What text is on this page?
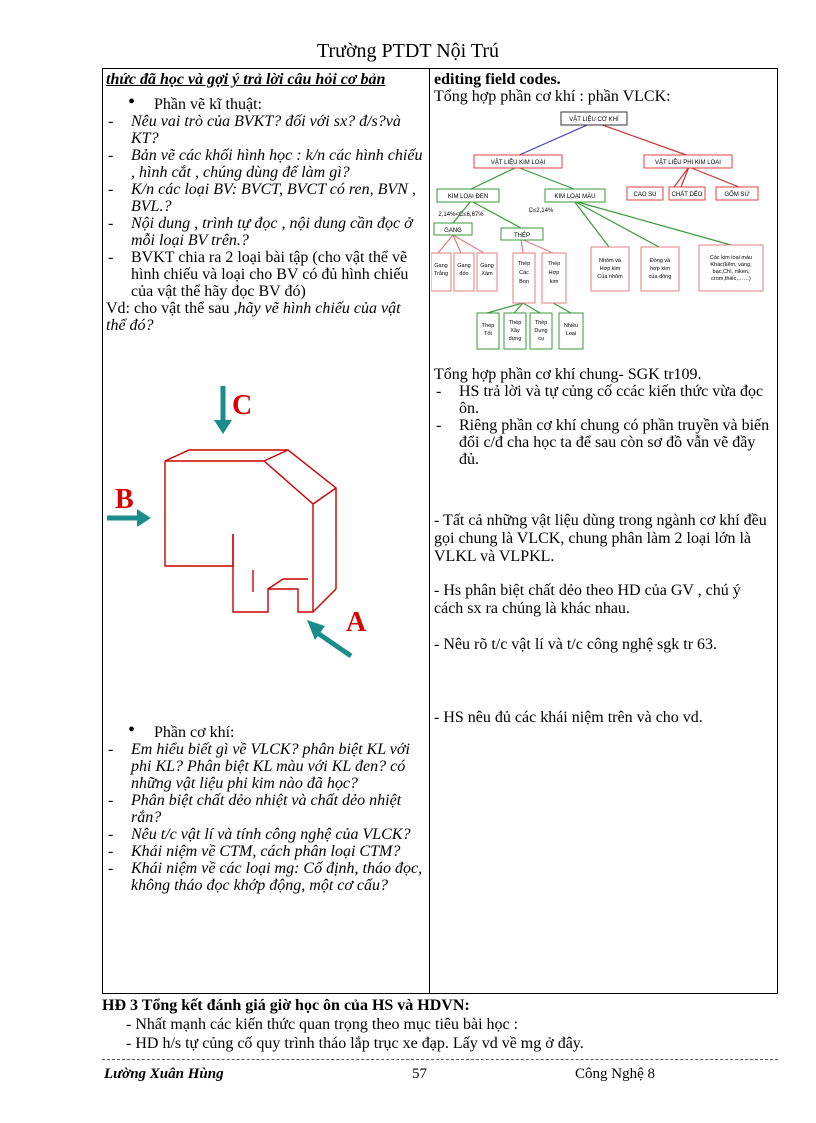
Trường PTDT Nội Trú
thức đã học và gợi ý trả lời câu hỏi cơ bản
• Phần vẽ kĩ thuật:
- Nêu vai trò của BVKT? đối với sx? đ/s?và KT?
- Bản vẽ các khối hình học : k/n các hình chiếu , hình cắt , chúng dùng để làm gì?
- K/n các loại BV: BVCT, BVCT có ren, BVN , BVL.?
- Nội dung , trình tự đọc , nội dung cần đọc ở mỗi loại BV trên.?
- BVKT chia ra 2 loại bài tập (cho vật thể vẽ hình chiếu và loại cho BV có đủ hình chiếu của vật thể hãy đọc BV đó)
Vd: cho vật thể sau ,hãy vẽ hình chiếu của vật thể đó?
C
B
A
• Phần cơ khí:
- Em hiểu biết gì về VLCK? phân biệt KL với phi KL? Phân biệt KL màu với KL đen? có những vật liệu phi kim nào đã học?
- Phân biệt chất dẻo nhiệt và chất dẻo nhiệt rắn?
- Nêu t/c vật lí và tính công nghệ của VLCK?
- Khái niệm về CTM, cách phân loại CTM?
- Khái niệm về các loại mg: Cố định, tháo đọc, không tháo đọc khớp động, một cơ cấu?
editing field codes.
Tổng hợp phần cơ khí : phần VLCK:
VẬT LIỆU CƠ KHÍ
VẬT LIỆU KIM LOẠI	VẬT LIỆU PHI KIM LOẠI
KIM LOẠI ĐEN	KIM LOẠI MÀU	CAO SU	CHẤT DẺO	GỐM SỨ
2,14%<C≤6,67%
C≤2,14%
GANG
THÉP
Gang Trắng
Gang đỏo
Gang Xám
Thép Các Bon
Thép Hợp kim
Nhôm và Hợp kim Của nhôm
Đồng và hợp kim của đồng
Các kim loại màu Khác(kẽm, vàng, bạc,Chì, niken, crom,thiếc,……)
Thép Tốt
Thép Xây dựng
Thép Dụng cụ
Nhiều Loại
Tổng hợp phần cơ khí chung- SGK tr109.
- HS trả lời và tự củng cố ccác kiến thức vừa đọc ôn.
- Riêng phần cơ khí chung có phần truyền và biến đổi c/đ cha học ta để sau còn sơ đồ vẫn vẽ đầy đủ.
- Tất cả những vật liệu dùng trong ngành cơ khí đều gọi chung là VLCK, chung phân làm 2 loại lớn là VLKL và VLPKL.
- Hs phân biệt chất dẻo theo HD của GV , chú ý cách sx ra chúng là khác nhau.
- Nêu rõ t/c vật lí và t/c công nghệ sgk tr 63.
- HS nêu đủ các khái niệm trên và cho vd.
HĐ 3 Tổng kết đánh giá giờ học ôn của HS và HDVN:
- Nhất mạnh các kiến thức quan trọng theo mục tiêu bài học :
- HD h/s tự củng cố quy trình tháo lắp trục xe đạp. Lấy vd về mg ở đây.
Lường Xuân Hùng	57	Công Nghệ 8
